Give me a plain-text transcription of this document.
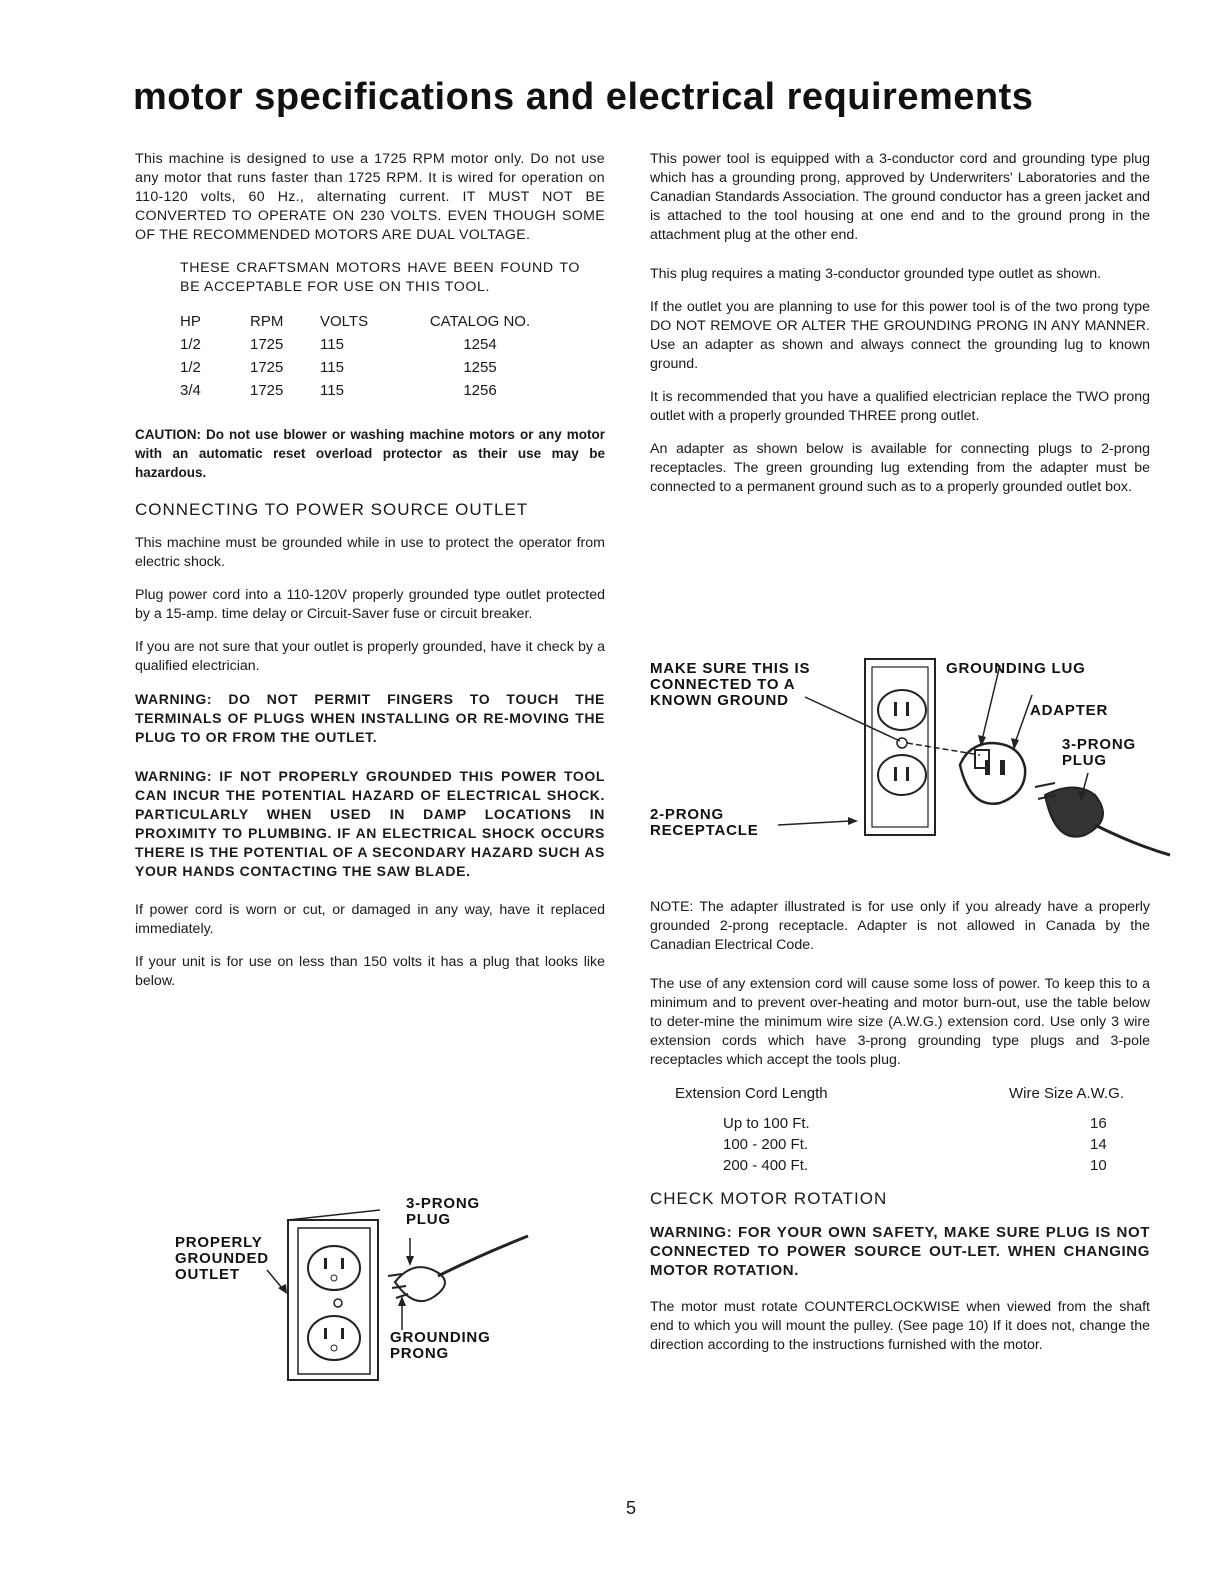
motor specifications and electrical requirements

This machine is designed to use a 1725 RPM motor only. Do not use any motor that runs faster than 1725 RPM. It is wired for operation on 110-120 volts, 60 Hz., alternating current. IT MUST NOT BE CONVERTED TO OPERATE ON 230 VOLTS. EVEN THOUGH SOME OF THE RECOMMENDED MOTORS ARE DUAL VOLTAGE.

THESE CRAFTSMAN MOTORS HAVE BEEN FOUND TO BE ACCEPTABLE FOR USE ON THIS TOOL.

HP	RPM	VOLTS	CATALOG NO.
1/2	1725	115	1254
1/2	1725	115	1255
3/4	1725	115	1256

CAUTION: Do not use blower or washing machine motors or any motor with an automatic reset overload protector as their use may be hazardous.

CONNECTING TO POWER SOURCE OUTLET

This machine must be grounded while in use to protect the operator from electric shock.

Plug power cord into a 110-120V properly grounded type outlet protected by a 15-amp. time delay or Circuit-Saver fuse or circuit breaker.

If you are not sure that your outlet is properly grounded, have it check by a qualified electrician.

WARNING: DO NOT PERMIT FINGERS TO TOUCH THE TERMINALS OF PLUGS WHEN INSTALLING OR RE-MOVING THE PLUG TO OR FROM THE OUTLET.

WARNING: IF NOT PROPERLY GROUNDED THIS POWER TOOL CAN INCUR THE POTENTIAL HAZARD OF ELECTRICAL SHOCK. PARTICULARLY WHEN USED IN DAMP LOCATIONS IN PROXIMITY TO PLUMBING. IF AN ELECTRICAL SHOCK OCCURS THERE IS THE POTENTIAL OF A SECONDARY HAZARD SUCH AS YOUR HANDS CONTACTING THE SAW BLADE.

If power cord is worn or cut, or damaged in any way, have it replaced immediately.

If your unit is for use on less than 150 volts it has a plug that looks like below.

PROPERLY GROUNDED OUTLET
3-PRONG PLUG
GROUNDING PRONG

This power tool is equipped with a 3-conductor cord and grounding type plug which has a grounding prong, approved by Underwriters' Laboratories and the Canadian Standards Association. The ground conductor has a green jacket and is attached to the tool housing at one end and to the ground prong in the attachment plug at the other end.

This plug requires a mating 3-conductor grounded type outlet as shown.

If the outlet you are planning to use for this power tool is of the two prong type DO NOT REMOVE OR ALTER THE GROUNDING PRONG IN ANY MANNER. Use an adapter as shown and always connect the grounding lug to known ground.

It is recommended that you have a qualified electrician replace the TWO prong outlet with a properly grounded THREE prong outlet.

An adapter as shown below is available for connecting plugs to 2-prong receptacles. The green grounding lug extending from the adapter must be connected to a permanent ground such as to a properly grounded outlet box.

MAKE SURE THIS IS CONNECTED TO A KNOWN GROUND
GROUNDING LUG
ADAPTER
3-PRONG PLUG
2-PRONG RECEPTACLE

NOTE: The adapter illustrated is for use only if you already have a properly grounded 2-prong receptacle. Adapter is not allowed in Canada by the Canadian Electrical Code.

The use of any extension cord will cause some loss of power. To keep this to a minimum and to prevent over-heating and motor burn-out, use the table below to deter-mine the minimum wire size (A.W.G.) extension cord. Use only 3 wire extension cords which have 3-prong grounding type plugs and 3-pole receptacles which accept the tools plug.

Extension Cord Length	Wire Size A.W.G.
Up to 100 Ft.	16
100 - 200 Ft.	14
200 - 400 Ft.	10
CHECK MOTOR ROTATION

WARNING: FOR YOUR OWN SAFETY, MAKE SURE PLUG IS NOT CONNECTED TO POWER SOURCE OUT-LET. WHEN CHANGING MOTOR ROTATION.

The motor must rotate COUNTERCLOCKWISE when viewed from the shaft end to which you will mount the pulley. (See page 10) If it does not, change the direction according to the instructions furnished with the motor.

5
